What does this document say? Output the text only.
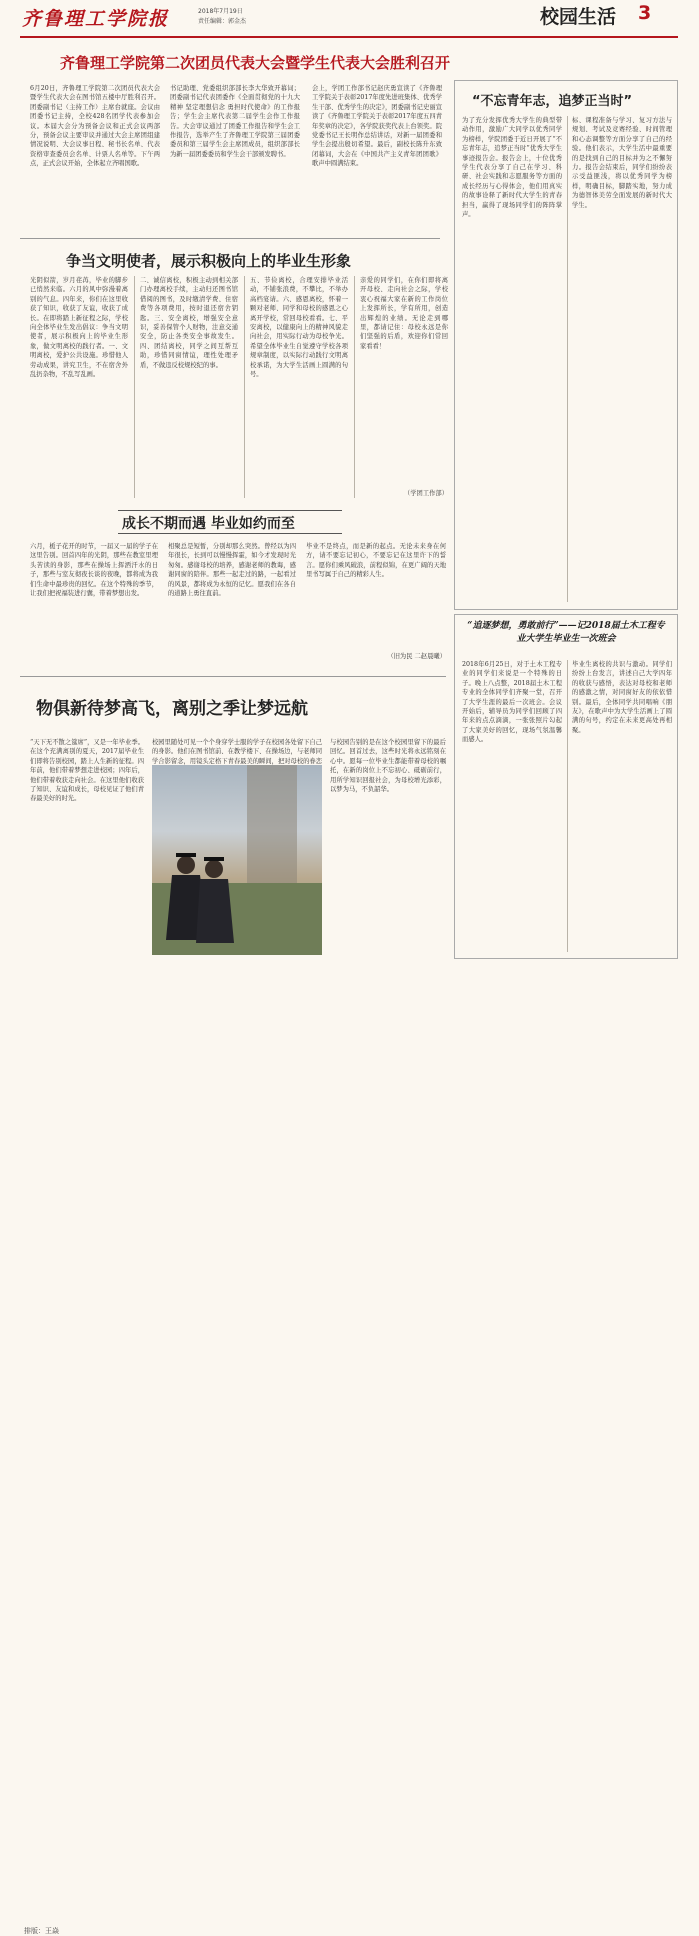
齐鲁理工学院报	2018年7月19日
责任编辑：郭金杰	校园生活 3
齐鲁理工学院第二次团员代表大会暨学生代表大会胜利召开
6月20日，齐鲁理工学院第二次团员代表大会暨学生代表大会在图书馆五楼中厅胜利召开。团委副书记（主持工作）主席台就座。会议由团委书记主持，全校428名团学代表参加会议。本届大会分为预备会议和正式会议两部分，预备会议主要审议并通过大会主席团组建情况说明、大会议事日程、秘书长名单、代表资格审查委员会名单、计票人名单等。下午两点，正式会议开始，全体起立齐唱国歌。
书记助理、党委组织部部长李大华致开幕词；团委副书记代表团委作《全面贯彻党的十九大精神 坚定理想信念 勇担时代使命》的工作报告；学生会主席代表第二届学生会作工作报告。大会审议通过了团委工作报告和学生会工作报告，选举产生了齐鲁理工学院第三届团委委员和第三届学生会主席团成员，组织部部长为新一届团委委员和学生会干部颁发聘书。
会上，学团工作部书记赵庆勇宣读了《齐鲁理工学院关于表彰2017年度先进班集体、优秀学生干部、优秀学生的决定》，团委副书记史丽宣读了《齐鲁理工学院关于表彰2017年度五四青年奖章的决定》，各学院获奖代表上台领奖。院党委书记王长明作总结讲话，对新一届团委和学生会提出殷切希望。最后，副校长陈升东致闭幕词，大会在《中国共产主义青年团团歌》歌声中圆满结束。
争当文明使者，展示积极向上的毕业生形象
光阴似箭，岁月荏苒，毕业的脚步已悄然来临。六月的风中弥漫着离别的气息。四年来，你们在这里收获了知识，收获了友谊，收获了成长。在即将踏上新征程之际，学校向全体毕业生发出倡议：争当文明使者，展示积极向上的毕业生形象，做文明离校的践行者。一、文明离校，爱护公共设施。珍惜他人劳动成果，讲究卫生，不在宿舍外乱扔杂物，不乱写乱画。
二、诚信离校，积极主动到相关部门办理离校手续，主动归还图书馆借阅的图书，及时缴清学费、住宿费等各项费用，按时退还宿舍钥匙。三、安全离校，增强安全意识，妥善保管个人财物，注意交通安全，防止各类安全事故发生。四、团结离校，同学之间互帮互助，珍惜同窗情谊，理性处理矛盾，不做违反校规校纪的事。
五、节俭离校，合理安排毕业活动，不铺张浪费，不攀比，不举办高档宴请。六、感恩离校，怀着一颗对老师、同学和母校的感恩之心离开学校，常回母校看看。七、平安离校，以健康向上的精神风貌走向社会，用实际行动为母校争光。希望全体毕业生自觉遵守学校各项规章制度，以实际行动践行文明离校承诺，为大学生活画上圆满的句号。
亲爱的同学们，在你们即将离开母校、走向社会之际，学校衷心祝福大家在新的工作岗位上发挥所长，学有所用，创造出辉煌的业绩。无论走到哪里，都请记住：母校永远是你们坚强的后盾，欢迎你们常回家看看！
（学团工作部）
成长不期而遇 毕业如约而至
六月，栀子花开的时节，一届又一届的学子在这里告别。回首四年的光阴，那些在教室里埋头苦读的身影，那些在操场上挥洒汗水的日子，那些与室友彻夜长谈的夜晚，都将成为我们生命中最珍贵的回忆。在这个特殊的季节，让我们把祝福装进行囊，带着梦想出发。
相聚总是短暂，分别却那么突然。曾经以为四年很长，长到可以慢慢挥霍，如今才发现时光匆匆。感谢母校的培养，感谢老师的教诲，感谢同窗的陪伴。那些一起走过的路，一起看过的风景，都将成为永恒的记忆。愿我们在各自的道路上勇往直前。
毕业不是终点，而是新的起点。无论未来身在何方，请不要忘记初心，不要忘记在这里许下的誓言。愿你们乘风破浪，前程似锦，在更广阔的天地里书写属于自己的精彩人生。
（旧为民 二赵晨曦）
物俱新待梦高飞，离别之季让梦远航
“天下无不散之筵席”，又是一年毕业季。在这个充满离别的夏天，2017届毕业生们即将告别校园，踏上人生新的征程。四年前，他们带着梦想走进校园；四年后，他们带着收获走向社会。在这里他们收获了知识、友谊和成长，母校见证了他们青春最美好的时光。
校园里随处可见一个个身穿学士服的学子在校园各处留下自己的身影。他们在图书馆前、在教学楼下、在操场边，与老师同学合影留念，用镜头定格下青春最美的瞬间，把对母校的眷恋
与校园告别的是在这个校园里留下的最后回忆。回首过去，这些时光将永远铭刻在心中。愿每一位毕业生都能带着母校的嘱托，在新的岗位上不忘初心、砥砺前行，用所学知识回报社会，为母校增光添彩，以梦为马，不负韶华。
“不忘青年志，追梦正当时”
为了充分发挥优秀大学生的典型带动作用，激励广大同学以优秀同学为榜样，学院团委于近日开展了“不忘青年志，追梦正当时”优秀大学生事迹报告会。报告会上，十位优秀学生代表分享了自己在学习、科研、社会实践和志愿服务等方面的成长经历与心得体会，他们用真实的故事诠释了新时代大学生的青春担当，赢得了现场同学们的阵阵掌声。
标、课程准备与学习、复习方法与规划、考试及竞赛经验、时间管理和心态调整等方面分享了自己的经验。他们表示，大学生活中最重要的是找到自己的目标并为之不懈努力。报告会结束后，同学们纷纷表示受益匪浅，将以优秀同学为榜样，明确目标，脚踏实地，努力成为德智体美劳全面发展的新时代大学生。
“追逐梦想，勇敢前行”——记2018届土木工程专业大学生毕业生一次班会
2018年6月25日，对于土木工程专业的同学们来说是一个特殊的日子。晚上八点整，2018届土木工程专业的全体同学们齐聚一堂，召开了大学生涯的最后一次班会。会议开始后，辅导员为同学们回顾了四年来的点点滴滴，一张张照片勾起了大家美好的回忆，现场气氛温馨而感人。
毕业生离校的共识与激动。同学们纷纷上台发言，讲述自己大学四年的收获与感悟，表达对母校和老师的感激之情，对同窗好友的依依惜别。最后，全体同学共同唱响《朋友》，在歌声中为大学生活画上了圆满的句号，约定在未来更高处再相聚。
排版：王焱
